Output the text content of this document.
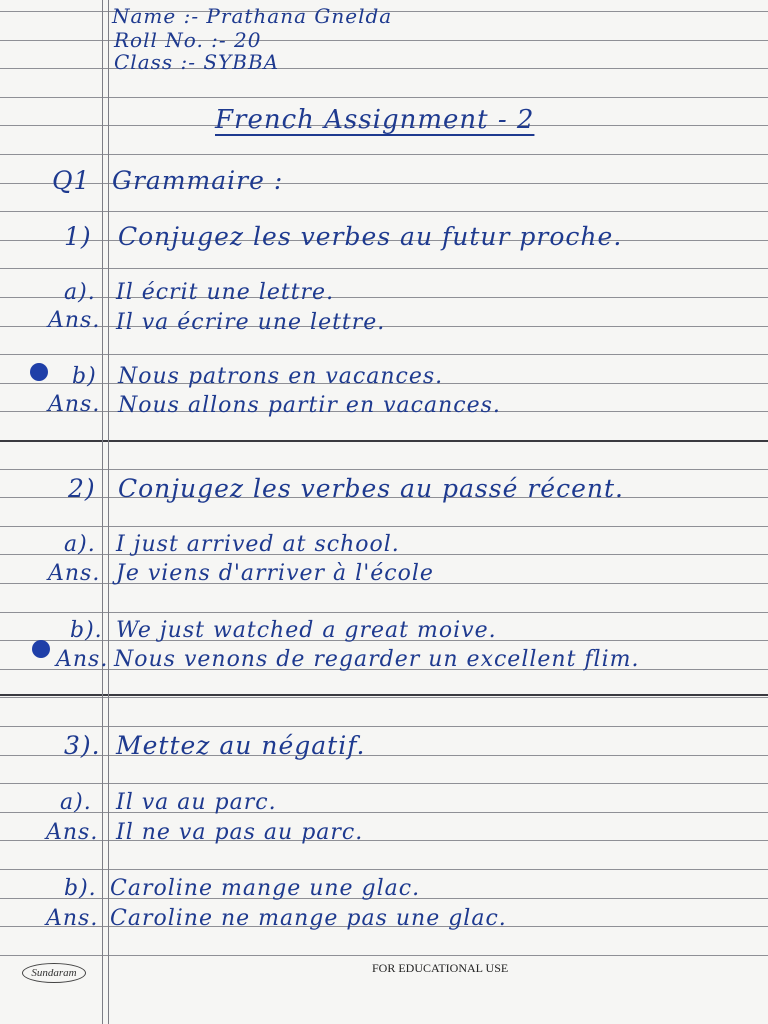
Name :- Prathana Gnelda
Roll No. :- 20
Class :- SYBBA
French Assignment - 2
Q1 Grammaire :
1) Conjugez les verbes au futur proche.
a). Il écrit une lettre.
Ans. Il va écrire une lettre.
b) Nous patrons en vacances.
Ans. Nous allons partir en vacances.
2) Conjugez les verbes au passé récent.
a). I just arrived at school.
Ans. Je viens d'arriver à l'école
b). We just watched a great moive.
Ans. Nous venons de regarder un excellent flim.
3). Mettez au négatif.
a). Il va au parc.
Ans. Il ne va pas au parc.
b). Caroline mange une glac.
Ans. Caroline ne mange pas une glac.
Sundaram	FOR EDUCATIONAL USE
